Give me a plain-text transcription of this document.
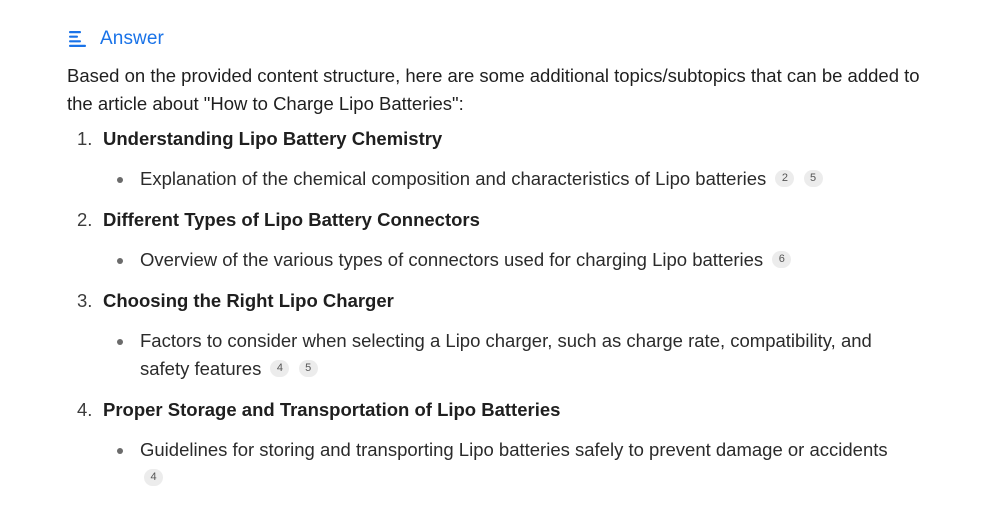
Answer

Based on the provided content structure, here are some additional topics/subtopics that can be added to the article about "How to Charge Lipo Batteries":

1. Understanding Lipo Battery Chemistry
Explanation of the chemical composition and characteristics of Lipo batteries 2 5
2. Different Types of Lipo Battery Connectors
Overview of the various types of connectors used for charging Lipo batteries 6
3. Choosing the Right Lipo Charger
Factors to consider when selecting a Lipo charger, such as charge rate, compatibility, and safety features 4 5
4. Proper Storage and Transportation of Lipo Batteries
Guidelines for storing and transporting Lipo batteries safely to prevent damage or accidents 4
